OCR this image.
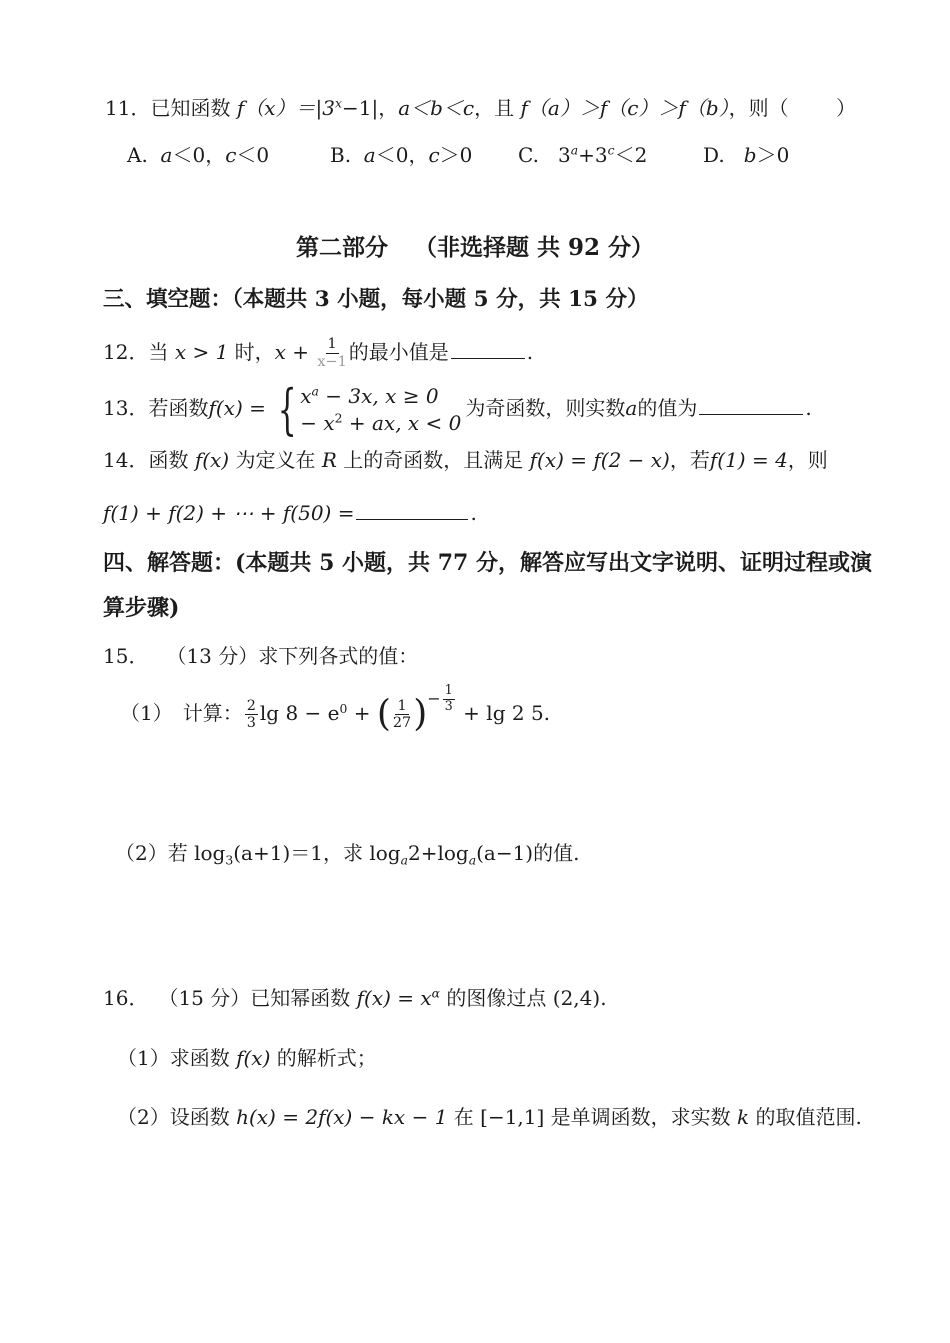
11．已知函数 $f(x)=|3^x-1|$，a＜b＜c，且 f（a）＞f（c）＞f（b），则（ ）
A. a＜0，c＜0	B. a＜0，c＞0 C. $3^a+3^c<2$	D. b＞0
第二部分 （非选择题 共 92 分）
三、填空题：（本题共 3 小题，每小题 5 分，共 15 分）
12．当 x > 1 时，$x + \frac{1}{x-1}$ 的最小值是	.
13．若函数f(x) = { $x^a - 3x$, x ≥ 0
− $x^2$ + ax, x < 0
为奇函数，则实数a的值为	.
14．函数 f(x) 为定义在 R 上的奇函数，且满足 f(x) = f(2 − x)，若f(1) = 4，则
f(1) + f(2) + ⋯ + f(50) =	.
四、解答题：(本题共 5 小题，共 77 分，解答应写出文字说明、证明过程或演
算步骤)
15． （13 分）求下列各式的值：
（1） 计算： $\frac{2}{3}$ $\lg 8 - e^0$ + ( $\frac{1}{27}$ ) − $\frac{1}{3} + \lg 2$ 5.
（2）若 $\log_3(a+1)=1$，求 $\log_a2+\log_a(a-1)$的值.
16． （15 分）已知幂函数 $f(x) = x^\alpha$ 的图像过点 (2,4).
（1）求函数 f(x) 的解析式；
（2）设函数 h(x) = 2f(x) − kx − 1 在 [−1,1] 是单调函数，求实数 k 的取值范围.
